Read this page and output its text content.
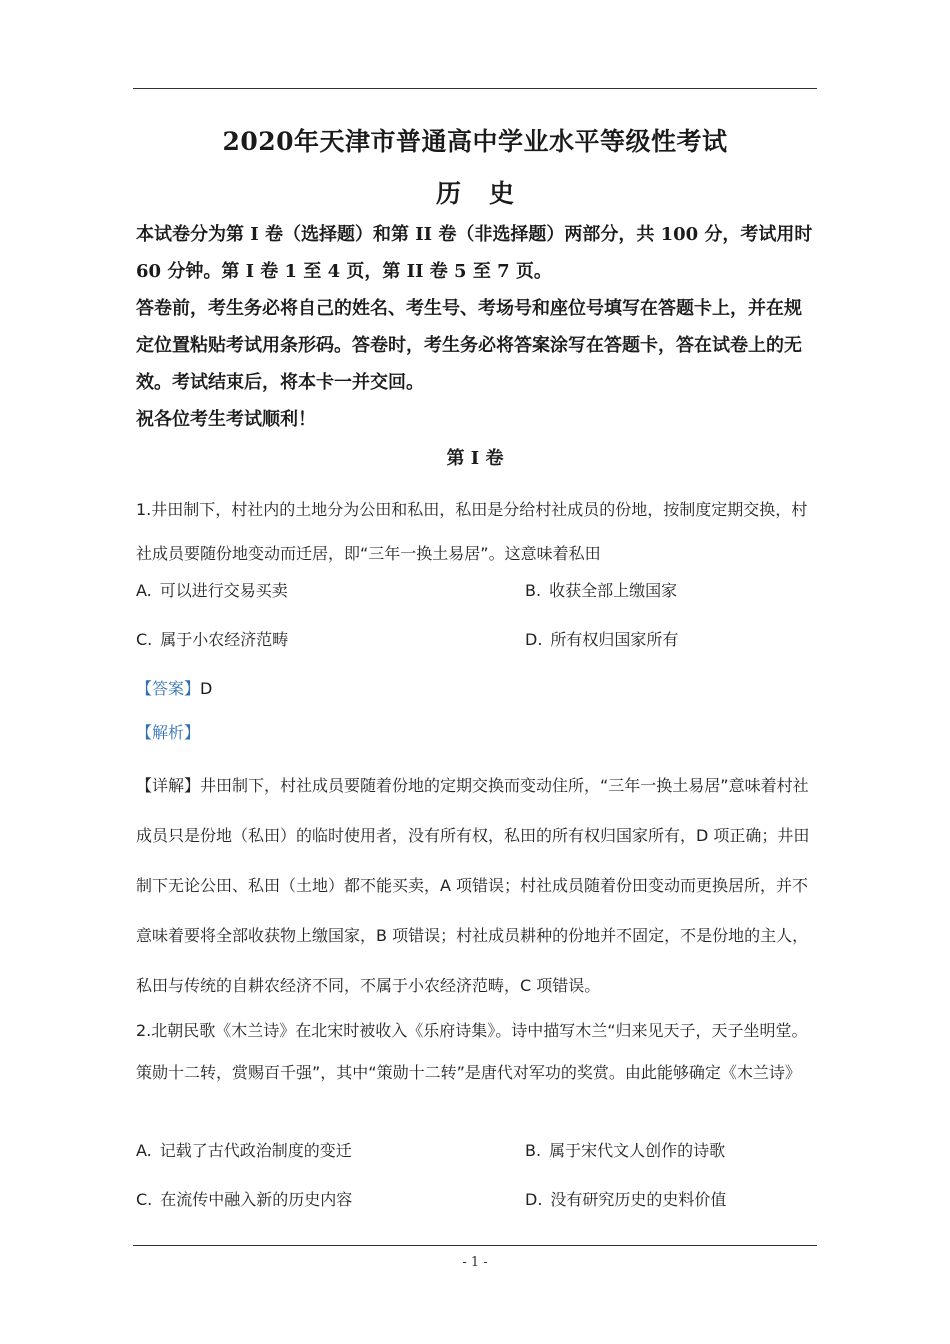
2020年天津市普通高中学业水平等级性考试
历史

本试卷分为第 I 卷（选择题）和第 II 卷（非选择题）两部分，共 100 分，考试用时 60 分钟。第 I 卷 1 至 4 页，第 II 卷 5 至 7 页。

答卷前，考生务必将自己的姓名、考生号、考场号和座位号填写在答题卡上，并在规定位置粘贴考试用条形码。答卷时，考生务必将答案涂写在答题卡，答在试卷上的无效。考试结束后，将本卡一并交回。

祝各位考生考试顺利！

第 I 卷
1.井田制下，村社内的土地分为公田和私田，私田是分给村社成员的份地，按制度定期交换，村社成员要随份地变动而迁居，即“三年一换土易居”。这意味着私田
A. 可以进行交易买卖	B. 收获全部上缴国家
C. 属于小农经济范畴	D. 所有权归国家所有
【答案】D
【解析】
【详解】井田制下，村社成员要随着份地的定期交换而变动住所，“三年一换土易居”意味着村社成员只是份地（私田）的临时使用者，没有所有权，私田的所有权归国家所有，D 项正确；井田制下无论公田、私田（土地）都不能买卖，A 项错误；村社成员随着份田变动而更换居所，并不意味着要将全部收获物上缴国家，B 项错误；村社成员耕种的份地并不固定，不是份地的主人，私田与传统的自耕农经济不同，不属于小农经济范畴，C 项错误。
2.北朝民歌《木兰诗》在北宋时被收入《乐府诗集》。诗中描写木兰“归来见天子，天子坐明堂。策勋十二转，赏赐百千强”，其中“策勋十二转”是唐代对军功的奖赏。由此能够确定《木兰诗》
A. 记载了古代政治制度的变迁	B. 属于宋代文人创作的诗歌
C. 在流传中融入新的历史内容	D. 没有研究历史的史料价值
- 1 -
